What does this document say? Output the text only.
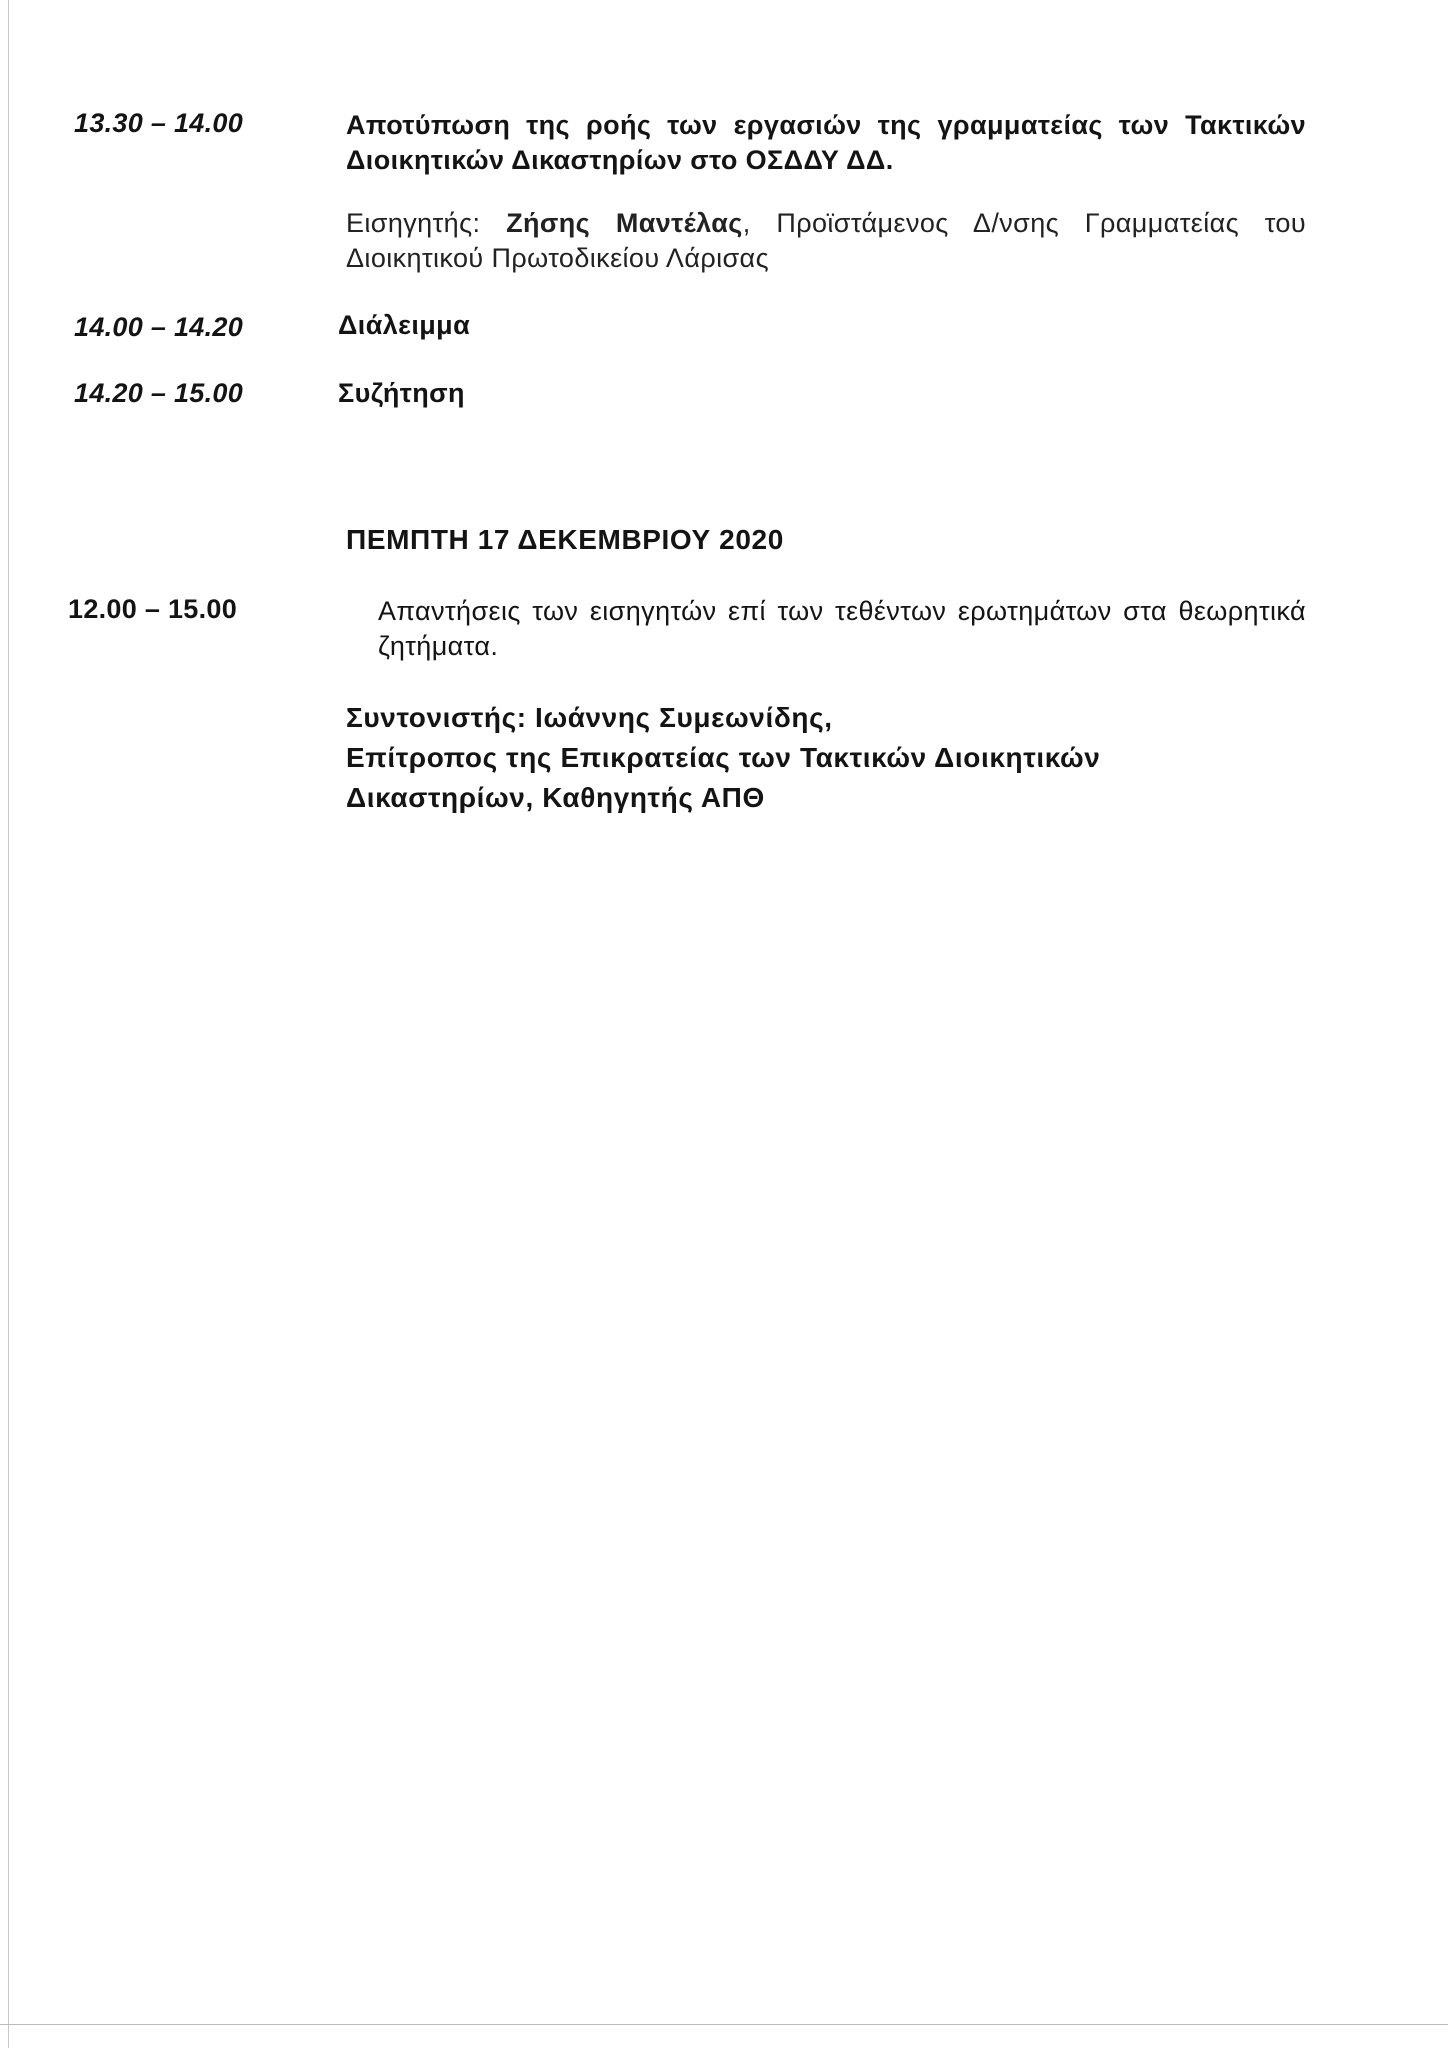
13.30 – 14.00	Αποτύπωση της ροής των εργασιών της γραμματείας των Τακτικών Διοικητικών Δικαστηρίων στο ΟΣΔΔΥ ΔΔ.
Εισηγητής: Ζήσης Μαντέλας, Προϊστάμενος Δ/νσης Γραμματείας του Διοικητικού Πρωτοδικείου Λάρισας
14.00 – 14.20	Διάλειμμα
14.20 – 15.00	Συζήτηση
ΠΕΜΠΤΗ 17 ΔΕΚΕΜΒΡΙΟΥ 2020
12.00 – 15.00	Απαντήσεις των εισηγητών επί των τεθέντων ερωτημάτων στα θεωρητικά ζητήματα.
Συντονιστής: Ιωάννης Συμεωνίδης,
Επίτροπος της Επικρατείας των Τακτικών Διοικητικών
Δικαστηρίων, Καθηγητής ΑΠΘ
